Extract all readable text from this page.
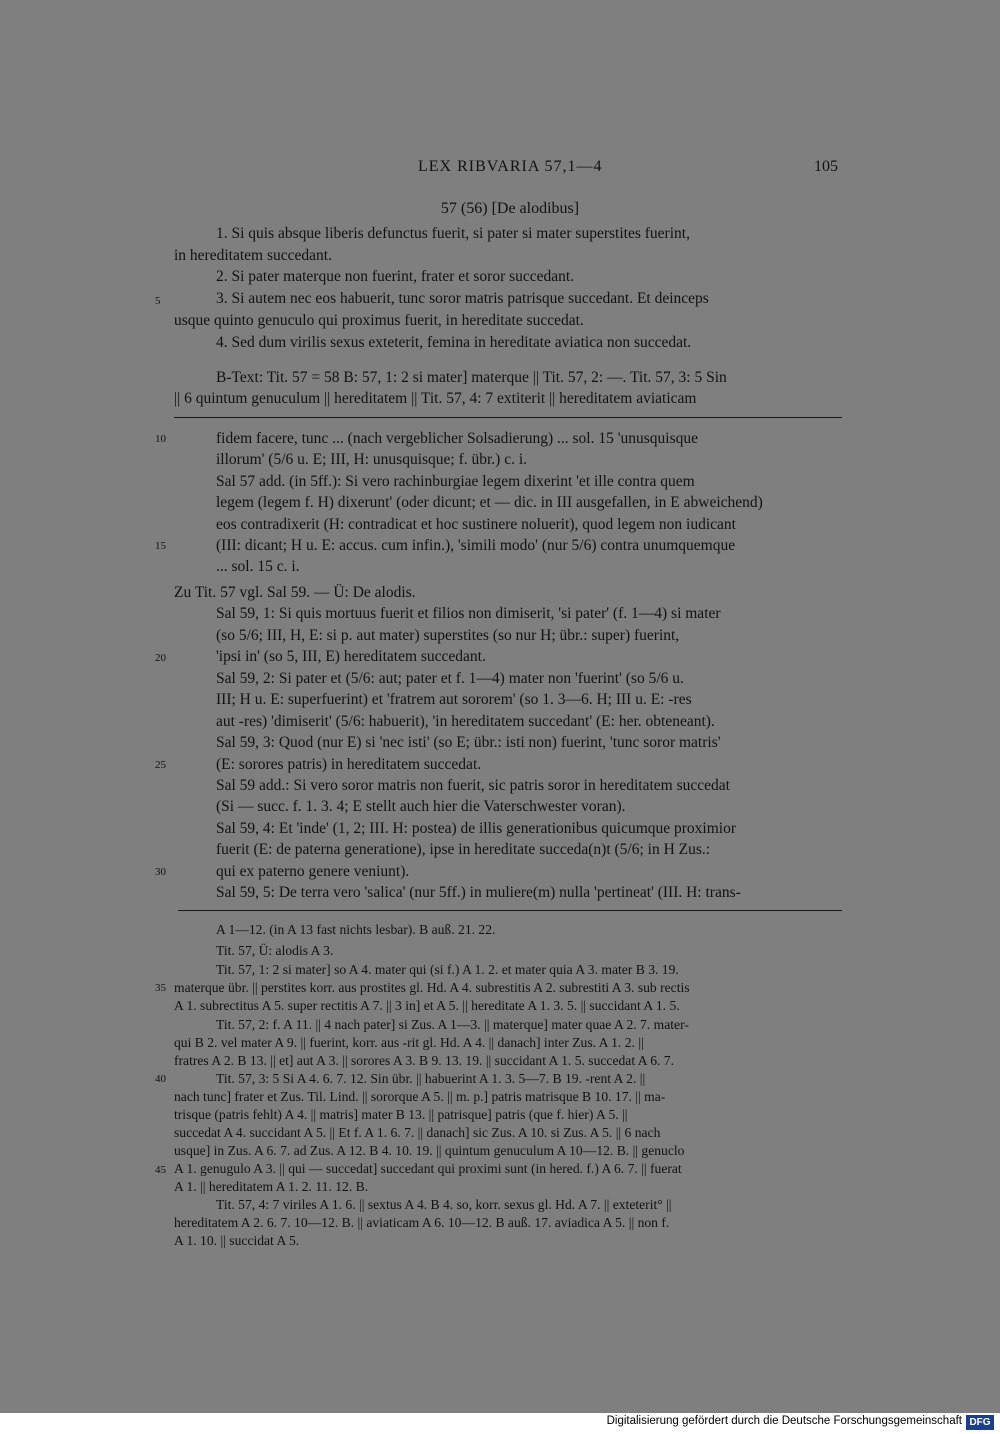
LEX RIBVARIA 57,1—4	105
57 (56) [De alodibus]
1. Si quis absque liberis defunctus fuerit, si pater si mater superstites fuerint,
in hereditatem succedant.
2. Si pater materque non fuerint, frater et soror succedant.
3. Si autem nec eos habuerit, tunc soror matris patrisque succedant. Et deinceps
usque quinto genuculo qui proximus fuerit, in hereditate succedat.
4. Sed dum virilis sexus exteterit, femina in hereditate aviatica non succedat.
B-Text: Tit. 57 = 58 B: 57, 1: 2 si mater] materque || Tit. 57, 2: —. Tit. 57, 3: 5 Sin
|| 6 quintum genuculum || hereditatem || Tit. 57, 4: 7 extiterit || hereditatem aviaticam
fidem facere, tunc ... (nach vergeblicher Solsadierung) ... sol. 15 'unusquisque
illorum' (5/6 u. E; III, H: unusquisque; f. übr.) c. i.
Sal 57 add. (in 5ff.): Si vero rachinburgiae legem dixerint 'et ille contra quem
legem (legem f. H) dixerunt' (oder dicunt; et — dic. in III ausgefallen, in E abweichend)
eos contradixerit (H: contradicat et hoc sustinere noluerit), quod legem non iudicant
(III: dicant; H u. E: accus. cum infin.), 'simili modo' (nur 5/6) contra unumquemque
... sol. 15 c. i.
Zu Tit. 57 vgl. Sal 59. — Ü: De alodis.
Sal 59, 1: Si quis mortuus fuerit et filios non dimiserit, 'si pater' (f. 1—4) si mater
(so 5/6; III, H, E: si p. aut mater) superstites (so nur H; übr.: super) fuerint,
'ipsi in' (so 5, III, E) hereditatem succedant.
Sal 59, 2: Si pater et (5/6: aut; pater et f. 1—4) mater non 'fuerint' (so 5/6 u.
III; H u. E: superfuerint) et 'fratrem aut sororem' (so 1. 3—6. H; III u. E: -res
aut -res) 'dimiserit' (5/6: habuerit), 'in hereditatem succedant' (E: her. obteneant).
Sal 59, 3: Quod (nur E) si 'nec isti' (so E; übr.: isti non) fuerint, 'tunc soror matris'
(E: sorores patris) in hereditatem succedat.
Sal 59 add.: Si vero soror matris non fuerit, sic patris soror in hereditatem succedat
(Si — succ. f. 1. 3. 4; E stellt auch hier die Vaterschwester voran).
Sal 59, 4: Et 'inde' (1, 2; III. H: postea) de illis generationibus quicumque proximior
fuerit (E: de paterna generatione), ipse in hereditate succeda(n)t (5/6; in H Zus.:
qui ex paterno genere veniunt).
Sal 59, 5: De terra vero 'salica' (nur 5ff.) in muliere(m) nulla 'pertineat' (III. H: trans-
A 1—12. (in A 13 fast nichts lesbar). B auß. 21. 22.
Tit. 57, Ü: alodis A 3.
Tit. 57, 1: 2 si mater] so A 4. mater qui (si f.) A 1. 2. et mater quia A 3. mater B 3. 19.
materque übr. || perstites korr. aus prostites gl. Hd. A 4. subrestitis A 2. subrestiti A 3. sub rectis
A 1. subrectitus A 5. super rectitis A 7. || 3 in] et A 5. || hereditate A 1. 3. 5. || succidant A 1. 5.
Tit. 57, 2: f. A 11. || 4 nach pater] si Zus. A 1—3. || materque] mater quae A 2. 7. mater-
qui B 2. vel mater A 9. || fuerint, korr. aus -rit gl. Hd. A 4. || danach] inter Zus. A 1. 2. ||
fratres A 2. B 13. || et] aut A 3. || sorores A 3. B 9. 13. 19. || succidant A 1. 5. succedat A 6. 7.
Tit. 57, 3: 5 Si A 4. 6. 7. 12. Sin übr. || habuerint A 1. 3. 5—7. B 19. -rent A 2. ||
nach tunc] frater et Zus. Til. Lind. || sororque A 5. || m. p.] patris matrisque B 10. 17. || ma-
trisque (patris fehlt) A 4. || matris] mater B 13. || patrisque] patris (que f. hier) A 5. ||
succedat A 4. succidant A 5. || Et f. A 1. 6. 7. || danach] sic Zus. A 10. si Zus. A 5. || 6 nach
usque] in Zus. A 6. 7. ad Zus. A 12. B 4. 10. 19. || quintum genuculum A 10—12. B. || genuclo
A 1. genugulo A 3. || qui — succedat] succedant qui proximi sunt (in hered. f.) A 6. 7. || fuerat
A 1. || hereditatem A 1. 2. 11. 12. B.
Tit. 57, 4: 7 viriles A 1. 6. || sextus A 4. B 4. so, korr. sexus gl. Hd. A 7. || exteterit° ||
hereditatem A 2. 6. 7. 10—12. B. || aviaticam A 6. 10—12. B auß. 17. aviadica A 5. || non f.
A 1. 10. || succidat A 5.
5
10
15
20
25
30
35
40
45
Digitalisierung gefördert durch die Deutsche Forschungsgemeinschaft DFG
